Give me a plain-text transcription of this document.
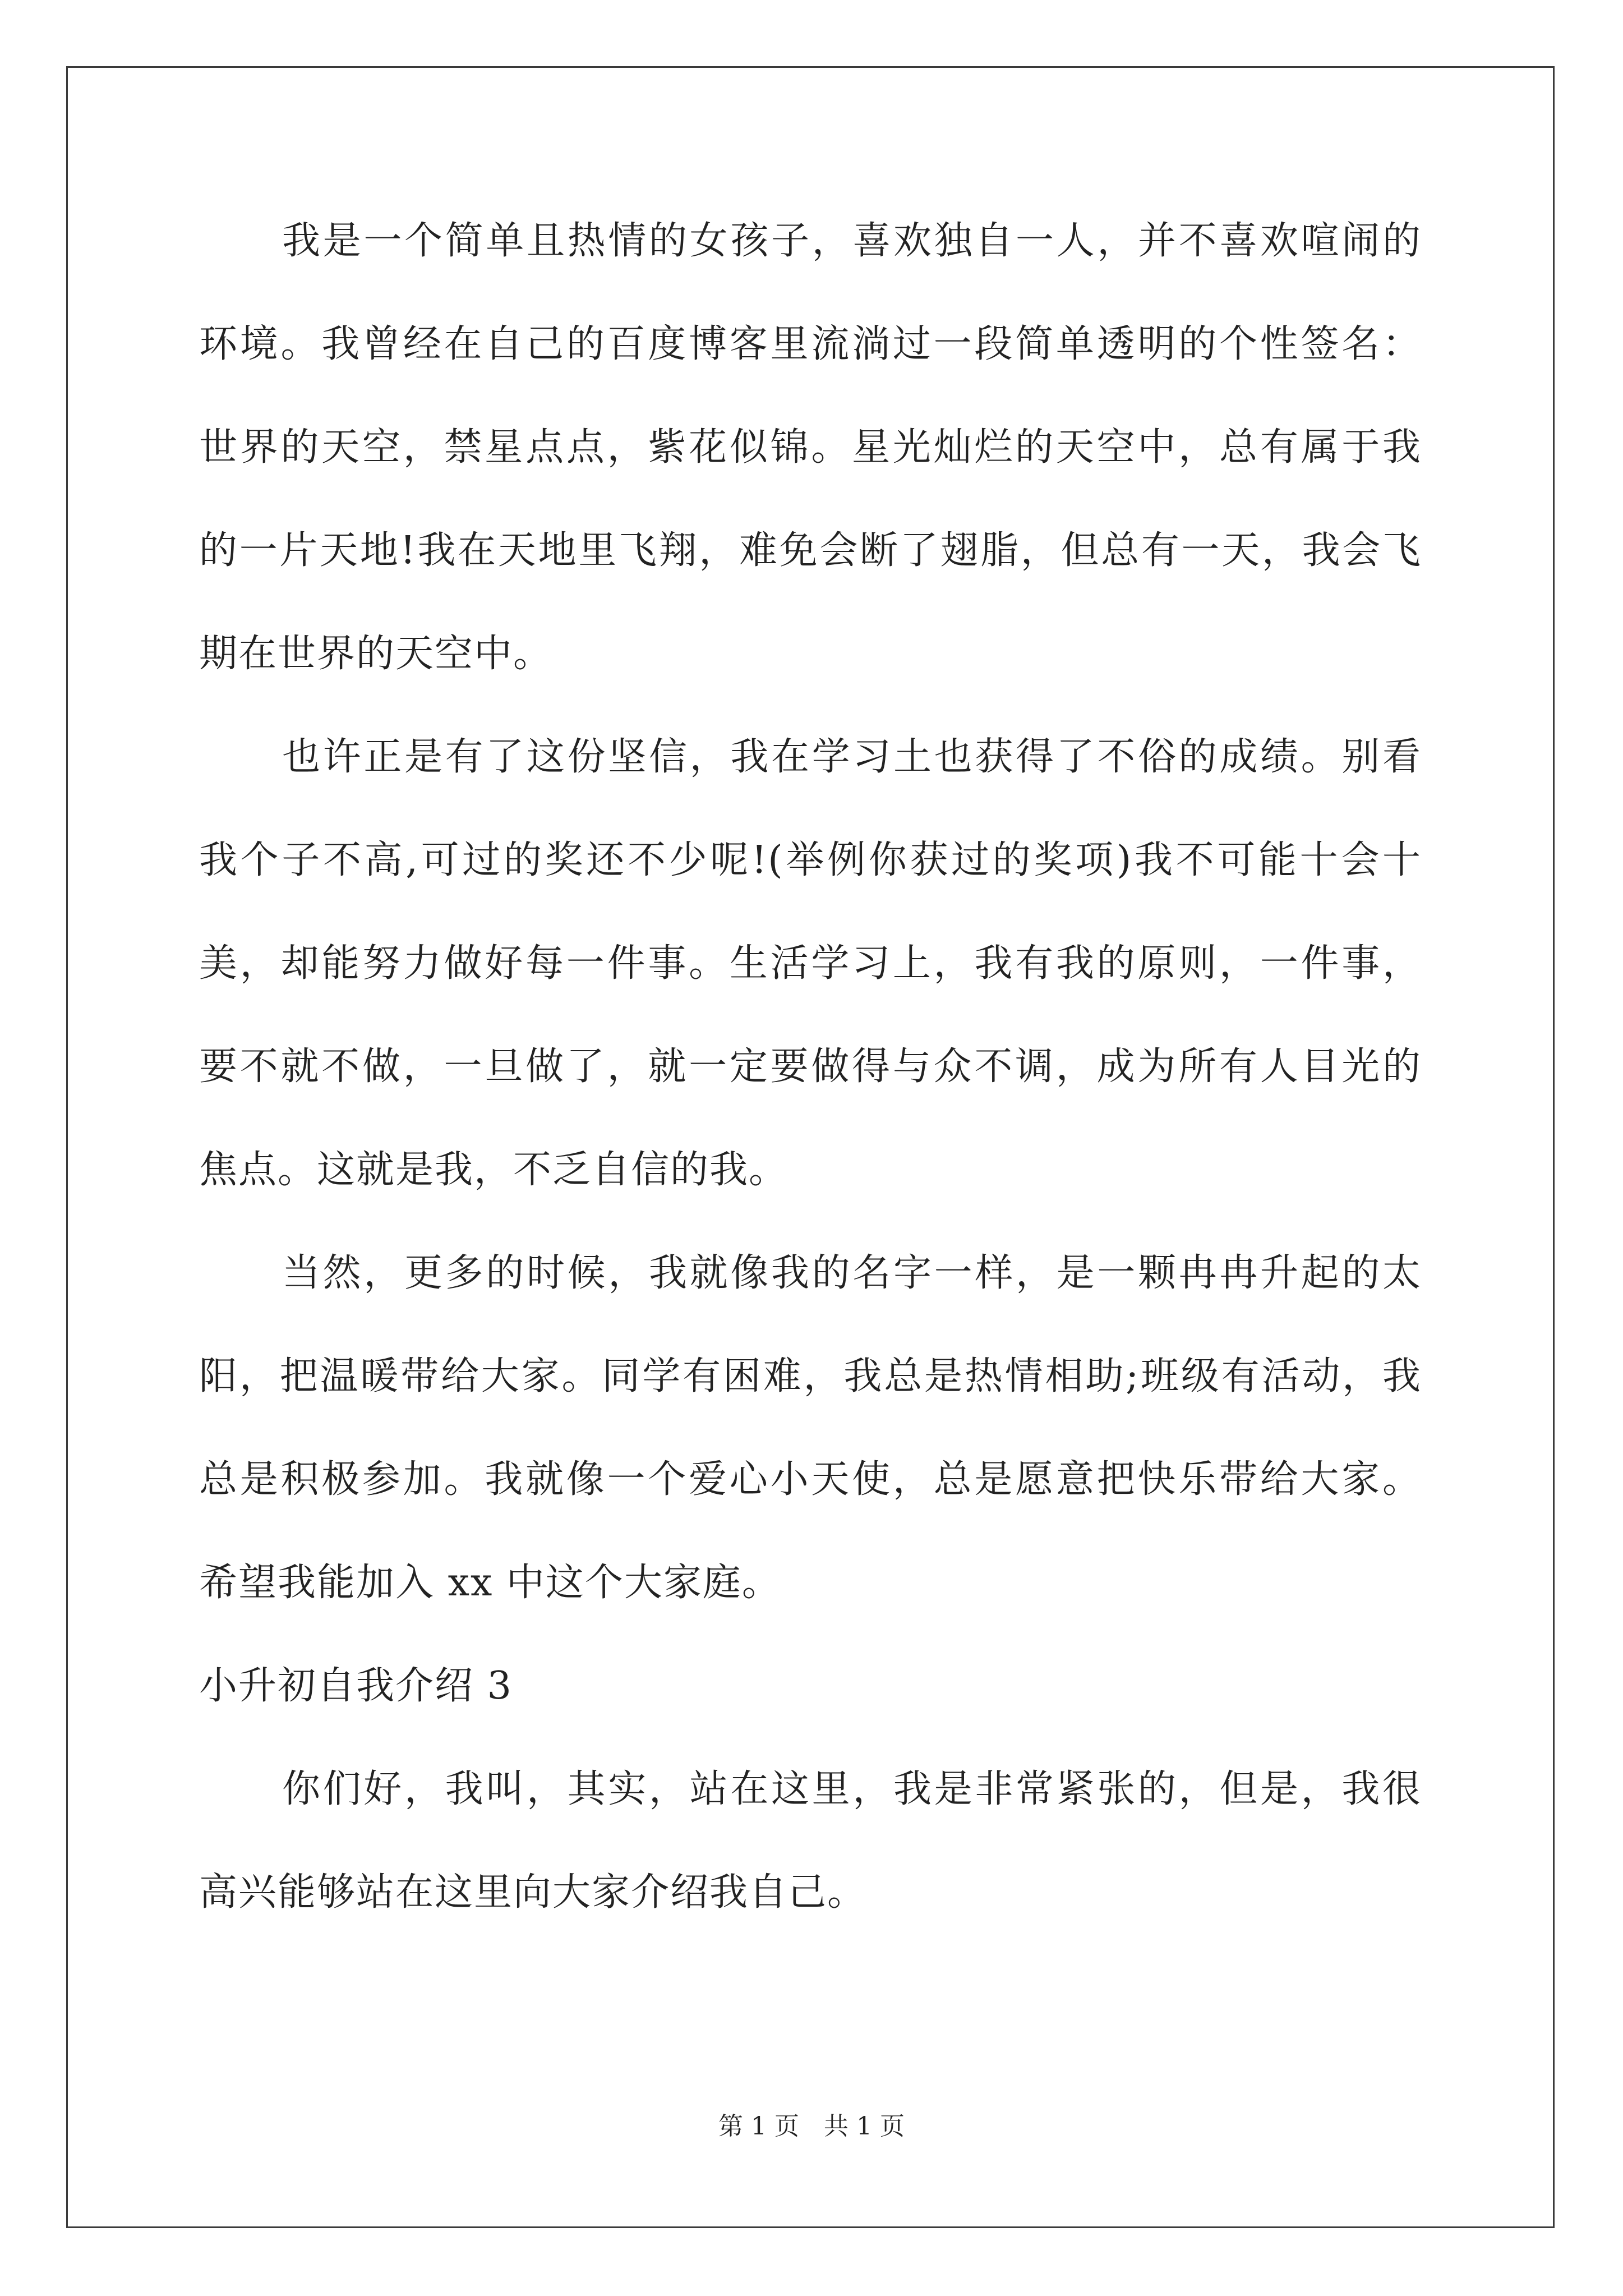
我是一个简单且热情的女孩子，喜欢独自一人，并不喜欢喧闹的
环境。我曾经在自己的百度博客里流淌过一段简单透明的个性签名：
世界的天空，禁星点点，紫花似锦。星光灿烂的天空中，总有属于我
的一片天地!我在天地里飞翔，难免会断了翅脂，但总有一天，我会飞
期在世界的天空中。
也许正是有了这份坚信，我在学习土也获得了不俗的成绩。别看
我个子不高,可过的奖还不少呢!(举例你获过的奖项)我不可能十会十
美，却能努力做好每一件事。生活学习上，我有我的原则，一件事，
要不就不做，一旦做了，就一定要做得与众不调，成为所有人目光的
焦点。这就是我，不乏自信的我。
当然，更多的时候，我就像我的名字一样，是一颗冉冉升起的太
阳，把温暖带给大家。同学有困难，我总是热情相助;班级有活动，我
总是积极参加。我就像一个爱心小天使，总是愿意把快乐带给大家。
希望我能加入 xx 中这个大家庭。
小升初自我介绍 3
你们好，我叫，其实，站在这里，我是非常紧张的，但是，我很
高兴能够站在这里向大家介绍我自己。
第 1 页　共 1 页
